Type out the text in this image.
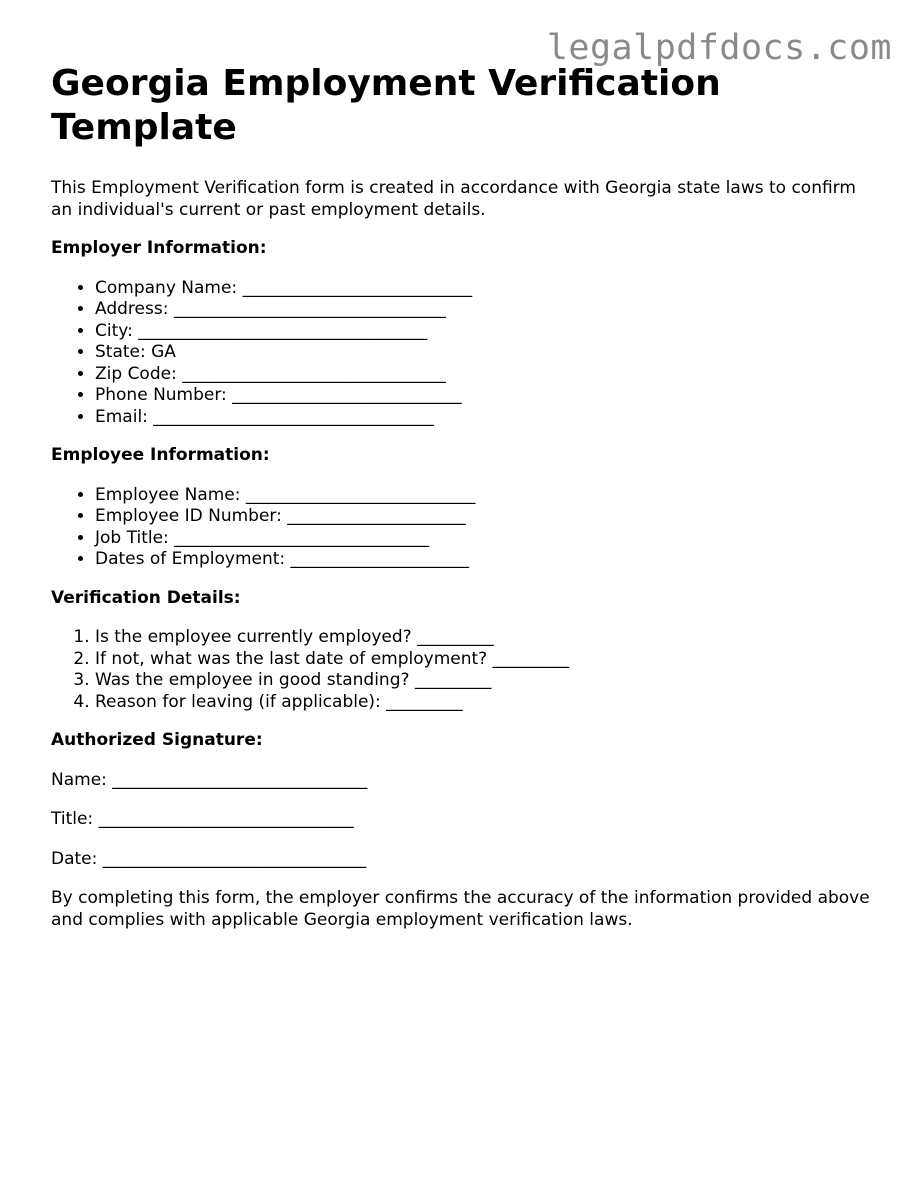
legalpdfdocs.com
Georgia Employment Verification Template

This Employment Verification form is created in accordance with Georgia state laws to confirm an individual's current or past employment details.

Employer Information:

• Company Name: ___________________________
• Address: ________________________________
• City: __________________________________
• State: GA
• Zip Code: _______________________________
• Phone Number: ___________________________
• Email: _________________________________

Employee Information:

• Employee Name: ___________________________
• Employee ID Number: _____________________
• Job Title: ______________________________
• Dates of Employment: _____________________

Verification Details:

1. Is the employee currently employed? _________
2. If not, what was the last date of employment? _________
3. Was the employee in good standing? _________
4. Reason for leaving (if applicable): _________

Authorized Signature:

Name: ______________________________

Title: ______________________________

Date: _______________________________

By completing this form, the employer confirms the accuracy of the information provided above and complies with applicable Georgia employment verification laws.
